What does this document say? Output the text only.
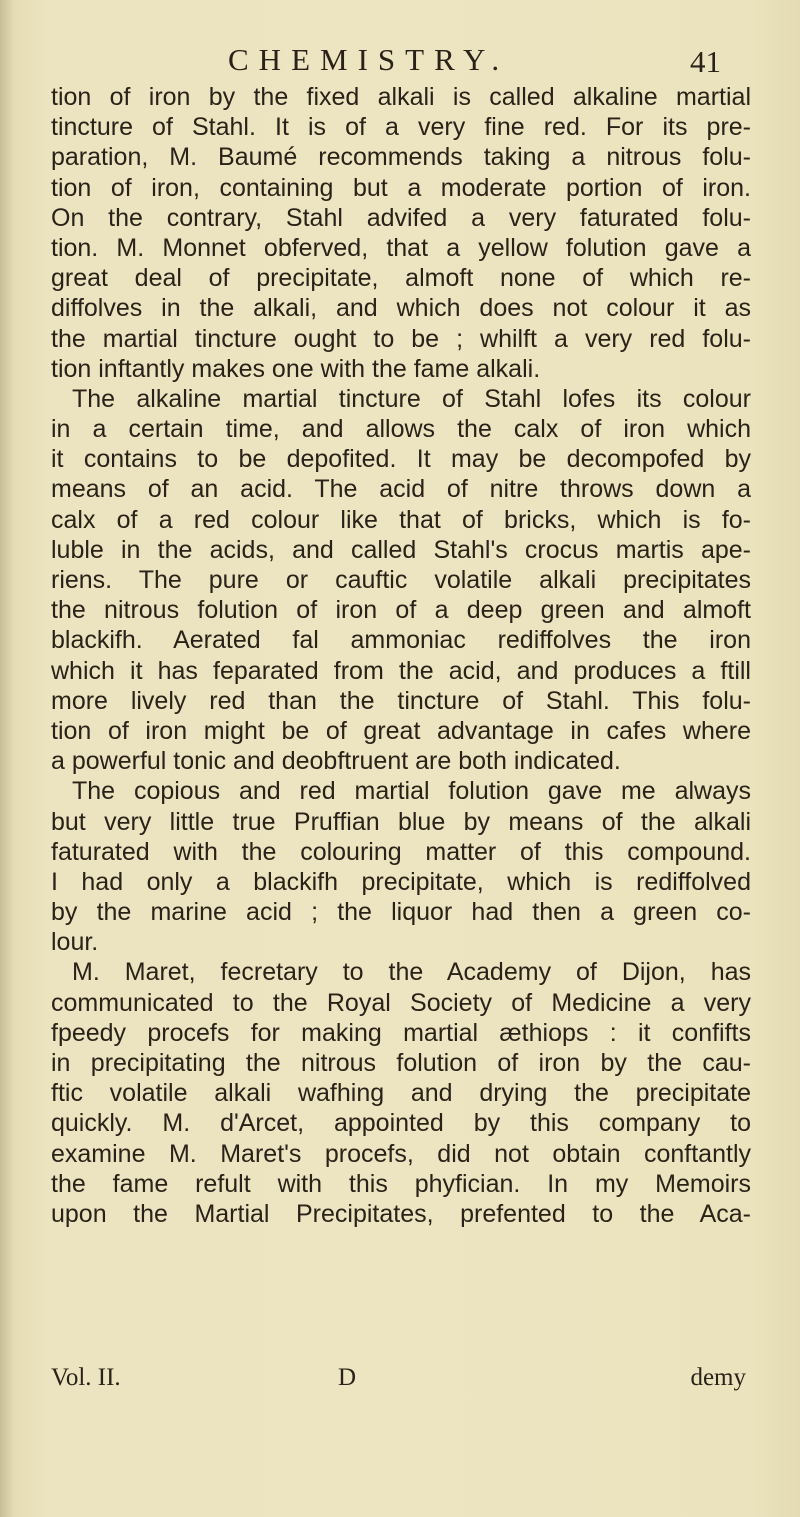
CHEMISTRY.	41
tion of iron by the fixed alkali is called alkaline martial
tincture of Stahl. It is of a very fine red. For its pre-
paration, M. Baumé recommends taking a nitrous folu-
tion of iron, containing but a moderate portion of iron.
On the contrary, Stahl advifed a very faturated folu-
tion. M. Monnet obferved, that a yellow folution gave a
great deal of precipitate, almoft none of which re-
diffolves in the alkali, and which does not colour it as
the martial tincture ought to be ; whilft a very red folu-
tion inftantly makes one with the fame alkali.
The alkaline martial tincture of Stahl lofes its colour
in a certain time, and allows the calx of iron which
it contains to be depofited. It may be decompofed by
means of an acid. The acid of nitre throws down a
calx of a red colour like that of bricks, which is fo-
luble in the acids, and called Stahl's crocus martis ape-
riens. The pure or cauftic volatile alkali precipitates
the nitrous folution of iron of a deep green and almoft
blackifh. Aerated fal ammoniac rediffolves the iron
which it has feparated from the acid, and produces a ftill
more lively red than the tincture of Stahl. This folu-
tion of iron might be of great advantage in cafes where
a powerful tonic and deobftruent are both indicated.
The copious and red martial folution gave me always
but very little true Pruffian blue by means of the alkali
faturated with the colouring matter of this compound.
I had only a blackifh precipitate, which is rediffolved
by the marine acid ; the liquor had then a green co-
lour.
M. Maret, fecretary to the Academy of Dijon, has
communicated to the Royal Society of Medicine a very
fpeedy procefs for making martial æthiops : it confifts
in precipitating the nitrous folution of iron by the cau-
ftic volatile alkali wafhing and drying the precipitate
quickly. M. d'Arcet, appointed by this company to
examine M. Maret's procefs, did not obtain conftantly
the fame refult with this phyfician. In my Memoirs
upon the Martial Precipitates, prefented to the Aca-
Vol. II.	D	demy
